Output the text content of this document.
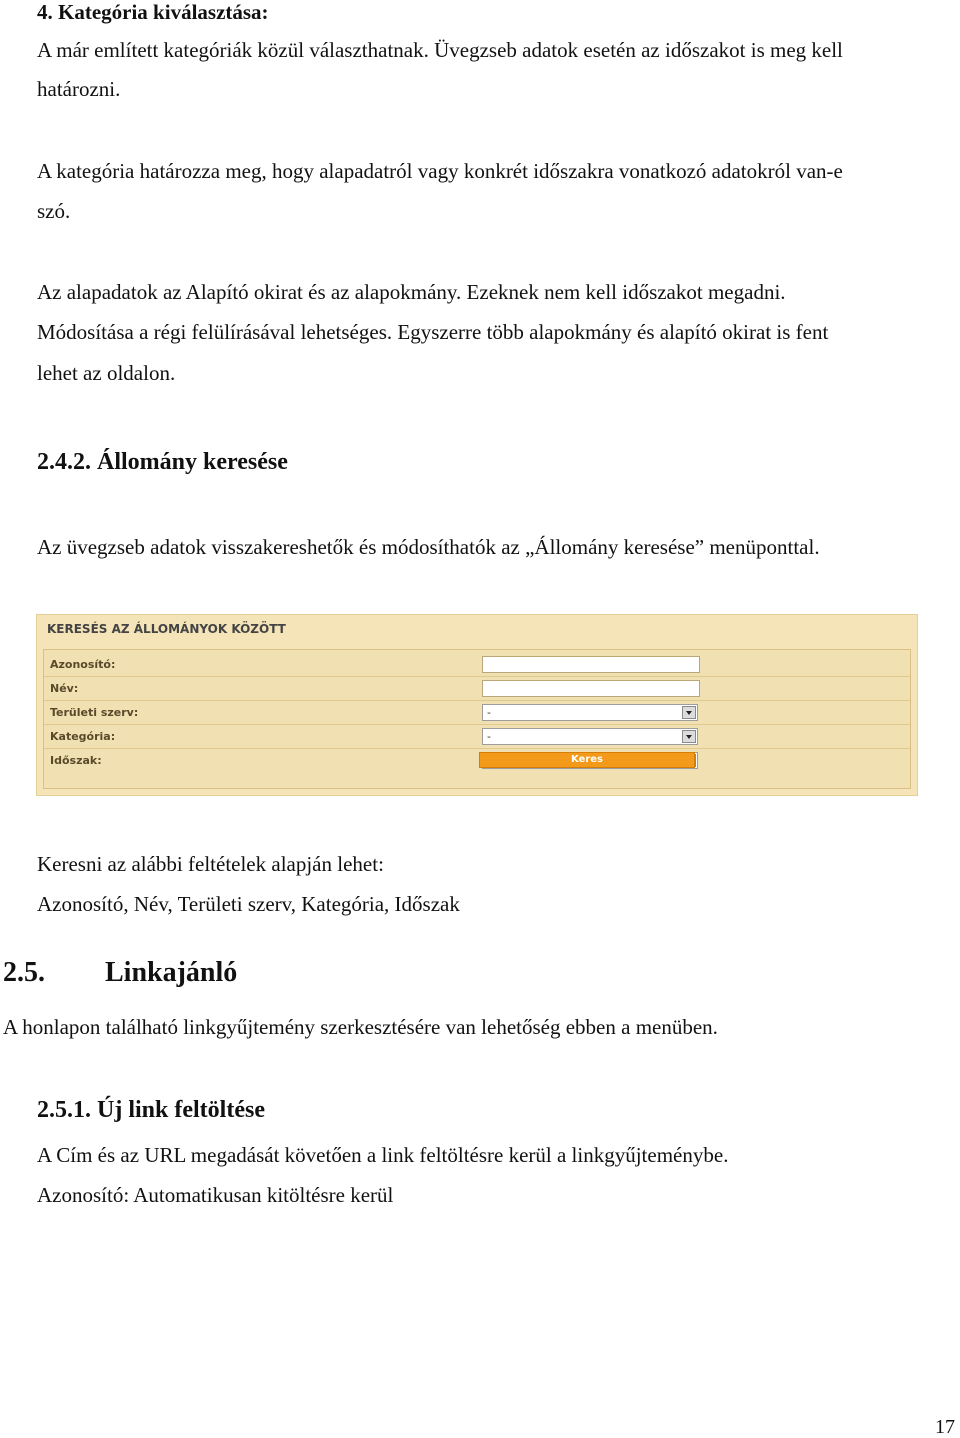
4. Kategória kiválasztása:
A már említett kategóriák közül választhatnak. Üvegzseb adatok esetén az időszakot is meg kell
határozni.
A kategória határozza meg, hogy alapadatról vagy konkrét időszakra vonatkozó adatokról van-e
szó.
Az alapadatok az Alapító okirat és az alapokmány. Ezeknek nem kell időszakot megadni.
Módosítása a régi felülírásával lehetséges. Egyszerre több alapokmány és alapító okirat is fent
lehet az oldalon.
2.4.2. Állomány keresése
Az üvegzseb adatok visszakereshetők és módosíthatók az „Állomány keresése” menüponttal.
KERESÉS AZ ÁLLOMÁNYOK KÖZÖTT
Azonosító:
Név:
Területi szerv:	-
Kategória:	-
Időszak:	Keres
Keresni az alábbi feltételek alapján lehet:
Azonosító, Név, Területi szerv, Kategória, Időszak
2.5. Linkajánló
A honlapon található linkgyűjtemény szerkesztésére van lehetőség ebben a menüben.
2.5.1. Új link feltöltése
A Cím és az URL megadását követően a link feltöltésre kerül a linkgyűjteménybe.
Azonosító: Automatikusan kitöltésre kerül
17
